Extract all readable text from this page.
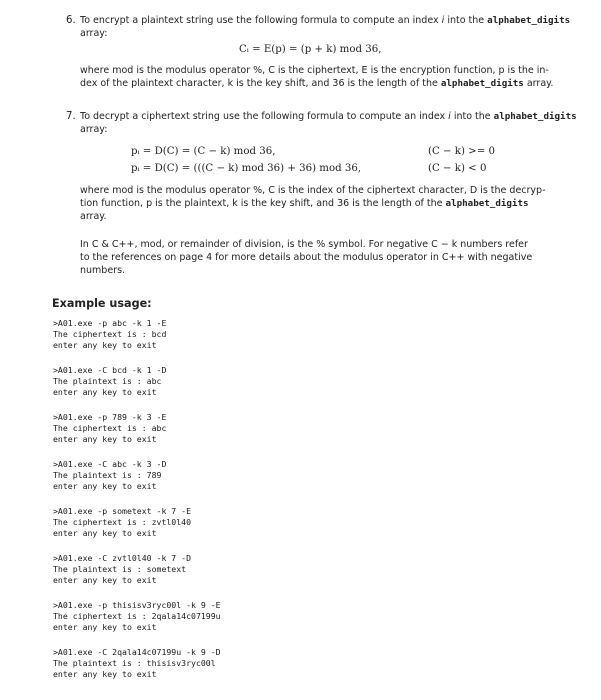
6. To encrypt a plaintext string use the following formula to compute an index i into the alphabet_digits
array:
Cᵢ = E(p) = (p + k) mod 36,
where mod is the modulus operator %, C is the ciphertext, E is the encryption function, p is the in-
dex of the plaintext character, k is the key shift, and 36 is the length of the alphabet_digits array.
7. To decrypt a ciphertext string use the following formula to compute an index i into the alphabet_digits
array:
pᵢ = D(C) = (C − k) mod 36,	(C − k) >= 0
pᵢ = D(C) = (((C − k) mod 36) + 36) mod 36,	(C − k) < 0
where mod is the modulus operator %, C is the index of the ciphertext character, D is the decryp-
tion function, p is the plaintext, k is the key shift, and 36 is the length of the alphabet_digits
array.
In C & C++, mod, or remainder of division, is the % symbol. For negative C − k numbers refer
to the references on page 4 for more details about the modulus operator in C++ with negative
numbers.
Example usage:
>A01.exe -p abc -k 1 -E
The ciphertext is : bcd
enter any key to exit
>A01.exe -C bcd -k 1 -D
The plaintext is : abc
enter any key to exit
>A01.exe -p 789 -k 3 -E
The ciphertext is : abc
enter any key to exit
>A01.exe -C abc -k 3 -D
The plaintext is : 789
enter any key to exit
>A01.exe -p sometext -k 7 -E
The ciphertext is : zvtl0l40
enter any key to exit
>A01.exe -C zvtl0l40 -k 7 -D
The plaintext is : sometext
enter any key to exit
>A01.exe -p thisisv3ryc00l -k 9 -E
The ciphertext is : 2qala14c07199u
enter any key to exit
>A01.exe -C 2qala14c07199u -k 9 -D
The plaintext is : thisisv3ryc00l
enter any key to exit
